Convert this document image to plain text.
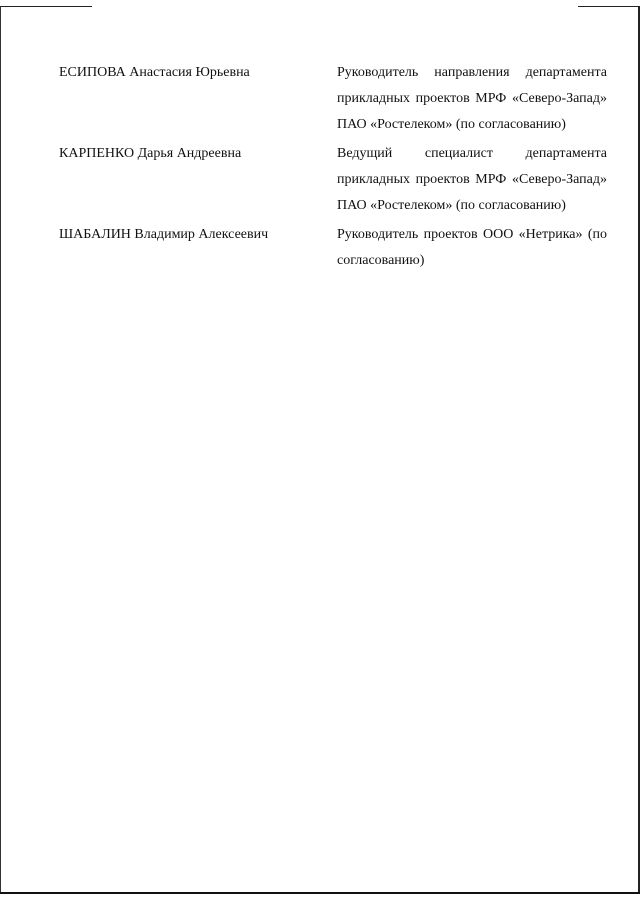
ЕСИПОВА Анастасия Юрьевна	Руководитель направления департамента прикладных проектов МРФ «Северо-Запад» ПАО «Ростелеком» (по согласованию)
КАРПЕНКО Дарья Андреевна	Ведущий специалист департамента прикладных проектов МРФ «Северо-Запад» ПАО «Ростелеком» (по согласованию)
ШАБАЛИН Владимир Алексеевич	Руководитель проектов ООО «Нетрика» (по согласованию)
